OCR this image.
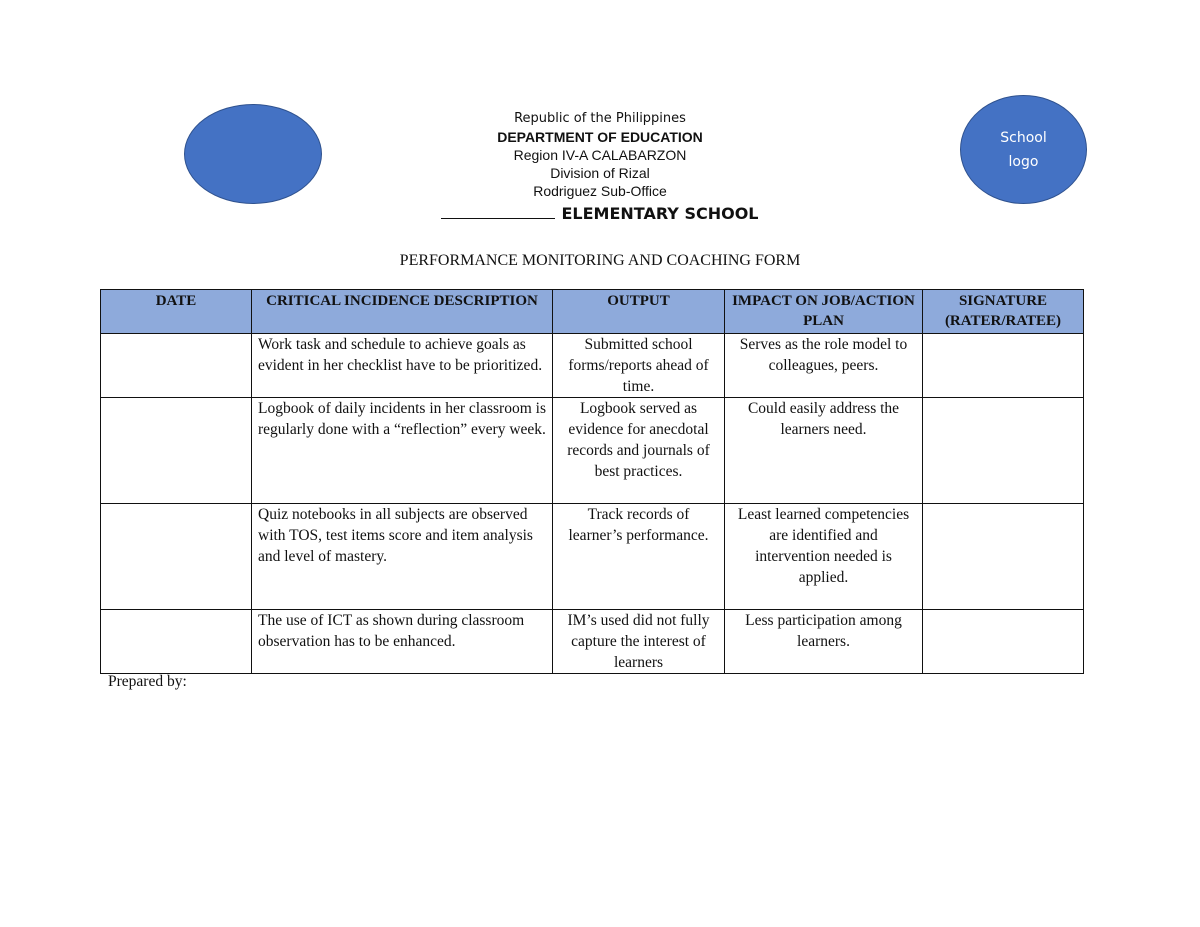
School logo
Republic of the Philippines
DEPARTMENT OF EDUCATION
Region IV-A CALABARZON
Division of Rizal
Rodriguez Sub-Office
ELEMENTARY SCHOOL
PERFORMANCE MONITORING AND COACHING FORM
DATE	CRITICAL INCIDENCE DESCRIPTION	OUTPUT	IMPACT ON JOB/ACTION PLAN	SIGNATURE (RATER/RATEE)
	Work task and schedule to achieve goals as evident in her checklist have to be prioritized.	Submitted school forms/reports ahead of time.	Serves as the role model to colleagues, peers.	
	Logbook of daily incidents in her classroom is regularly done with a “reflection” every week.	Logbook served as evidence for anecdotal records and journals of best practices.	Could easily address the learners need.	
	Quiz notebooks in all subjects are observed with TOS, test items score and item analysis and level of mastery.	Track records of learner’s performance.	Least learned competencies are identified and intervention needed is applied.	
	The use of ICT as shown during classroom observation has to be enhanced.	IM’s used did not fully capture the interest of learners	Less participation among learners.	
Prepared by:
